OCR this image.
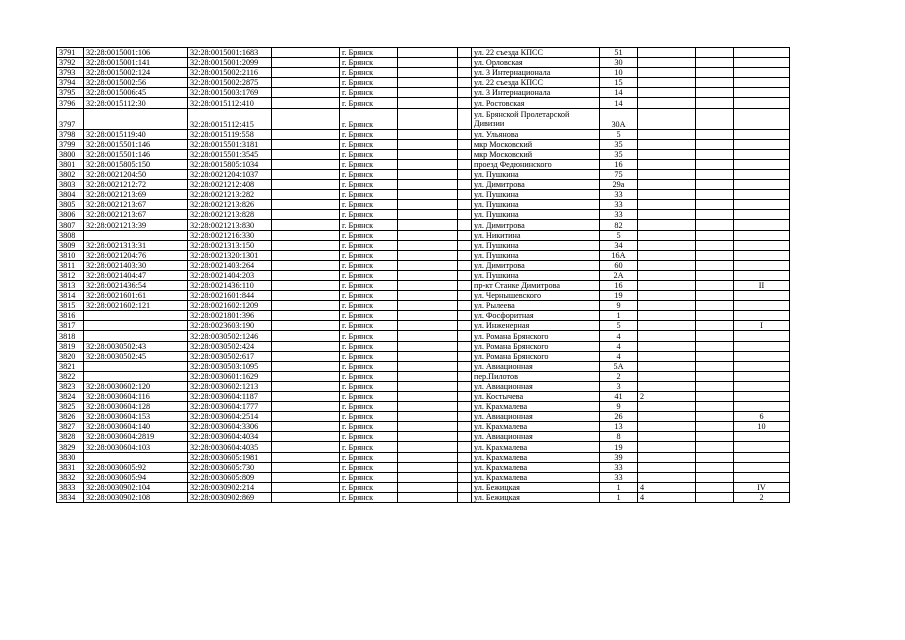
3791	32:28:0015001:106	32:28:0015001:1683		г. Брянск			ул. 22 съезда КПСС	51			
3792	32:28:0015001:141	32:28:0015001:2099		г. Брянск			ул. Орловская	30			
3793	32:28:0015002:124	32:28:0015002:2116		г. Брянск			ул. 3 Интернационала	10			
3794	32:28:0015002:56	32:28:0015002:2875		г. Брянск			ул. 22 съезда КПСС	15			
3795	32:28:0015006:45	32:28:0015003:1769		г. Брянск			ул. 3 Интернационала	14			
3796	32:28:0015112:30	32:28:0015112:410		г. Брянск			ул. Ростовская	14			
3797		32:28:0015112:415		г. Брянск			ул. Брянской Пролетарской Дивизии	30А			
3798	32:28:0015119:40	32:28:0015119:558		г. Брянск			ул. Ульянова	5			
3799	32:28:0015501:146	32:28:0015501:3181		г. Брянск			мкр Московский	35			
3800	32:28:0015501:146	32:28:0015501:3545		г. Брянск			мкр Московский	35			
3801	32:28:0015805:150	32:28:0015805:1034		г. Брянск			проезд Федюнинского	16			
3802	32:28:0021204:50	32:28:0021204:1037		г. Брянск			ул. Пушкина	75			
3803	32:28:0021212:72	32:28:0021212:408		г. Брянск			ул. Димитрова	29а			
3804	32:28:0021213:69	32:28:0021213:282		г. Брянск			ул. Пушкина	33			
3805	32:28:0021213:67	32:28:0021213:826		г. Брянск			ул. Пушкина	33			
3806	32:28:0021213:67	32:28:0021213:828		г. Брянск			ул. Пушкина	33			
3807	32:28:0021213:39	32:28:0021213:830		г. Брянск			ул. Димитрова	82			
3808		32:28:0021216:330		г. Брянск			ул. Никитина	5			
3809	32:28:0021313:31	32:28:0021313:150		г. Брянск			ул. Пушкина	34			
3810	32:28:0021204:76	32:28:0021320:1301		г. Брянск			ул. Пушкина	16А			
3811	32:28:0021403:30	32:28:0021403:264		г. Брянск			ул. Димитрова	60			
3812	32:28:0021404:47	32:28:0021404:203		г. Брянск			ул. Пушкина	2А			
3813	32:28:0021436:54	32:28:0021436:110		г. Брянск			пр-кт Станке Димитрова	16			II
3814	32:28:0021601:61	32:28:0021601:844		г. Брянск			ул. Чернышевского	19			
3815	32:28:0021602:121	32:28:0021602:1209		г. Брянск			ул. Рылеева	9			
3816		32:28:0021801:396		г. Брянск			ул. Фосфоритная	1			
3817		32:28:0023603:190		г. Брянск			ул. Инженерная	5			I
3818		32:28:0030502:1246		г. Брянск			ул. Романа Брянского	4			
3819	32:28:0030502:43	32:28:0030502:424		г. Брянск			ул. Романа Брянского	4			
3820	32:28:0030502:45	32:28:0030502:617		г. Брянск			ул. Романа Брянского	4			
3821		32:28:0030503:1095		г. Брянск			ул. Авиационная	5А			
3822		32:28:0030601:1629		г. Брянск			пер.Пилотов	2			
3823	32:28:0030602:120	32:28:0030602:1213		г. Брянск			ул. Авиационная	3			
3824	32:28:0030604:116	32:28:0030604:1187		г. Брянск			ул. Костычева	41	2		
3825	32:28:0030604:128	32:28:0030604:1777		г. Брянск			ул. Крахмалева	9			
3826	32:28:0030604:153	32:28:0030604:2514		г. Брянск			ул. Авиационная	26			6
3827	32:28:0030604:140	32:28:0030604:3306		г. Брянск			ул. Крахмалева	13			10
3828	32:28:0030604:2819	32:28:0030604:4034		г. Брянск			ул. Авиационная	8			
3829	32:28:0030604:103	32:28:0030604:4035		г. Брянск			ул. Крахмалева	19			
3830		32:28:0030605:1981		г. Брянск			ул. Крахмалева	39			
3831	32:28:0030605:92	32:28:0030605:730		г. Брянск			ул. Крахмалева	33			
3832	32:28:0030605:94	32:28:0030605:809		г. Брянск			ул. Крахмалева	33			
3833	32:28:0030902:104	32:28:0030902:214		г. Брянск			ул. Бежицкая	1	4		IV
3834	32:28:0030902:108	32:28:0030902:869		г. Брянск			ул. Бежицкая	1	4		2
